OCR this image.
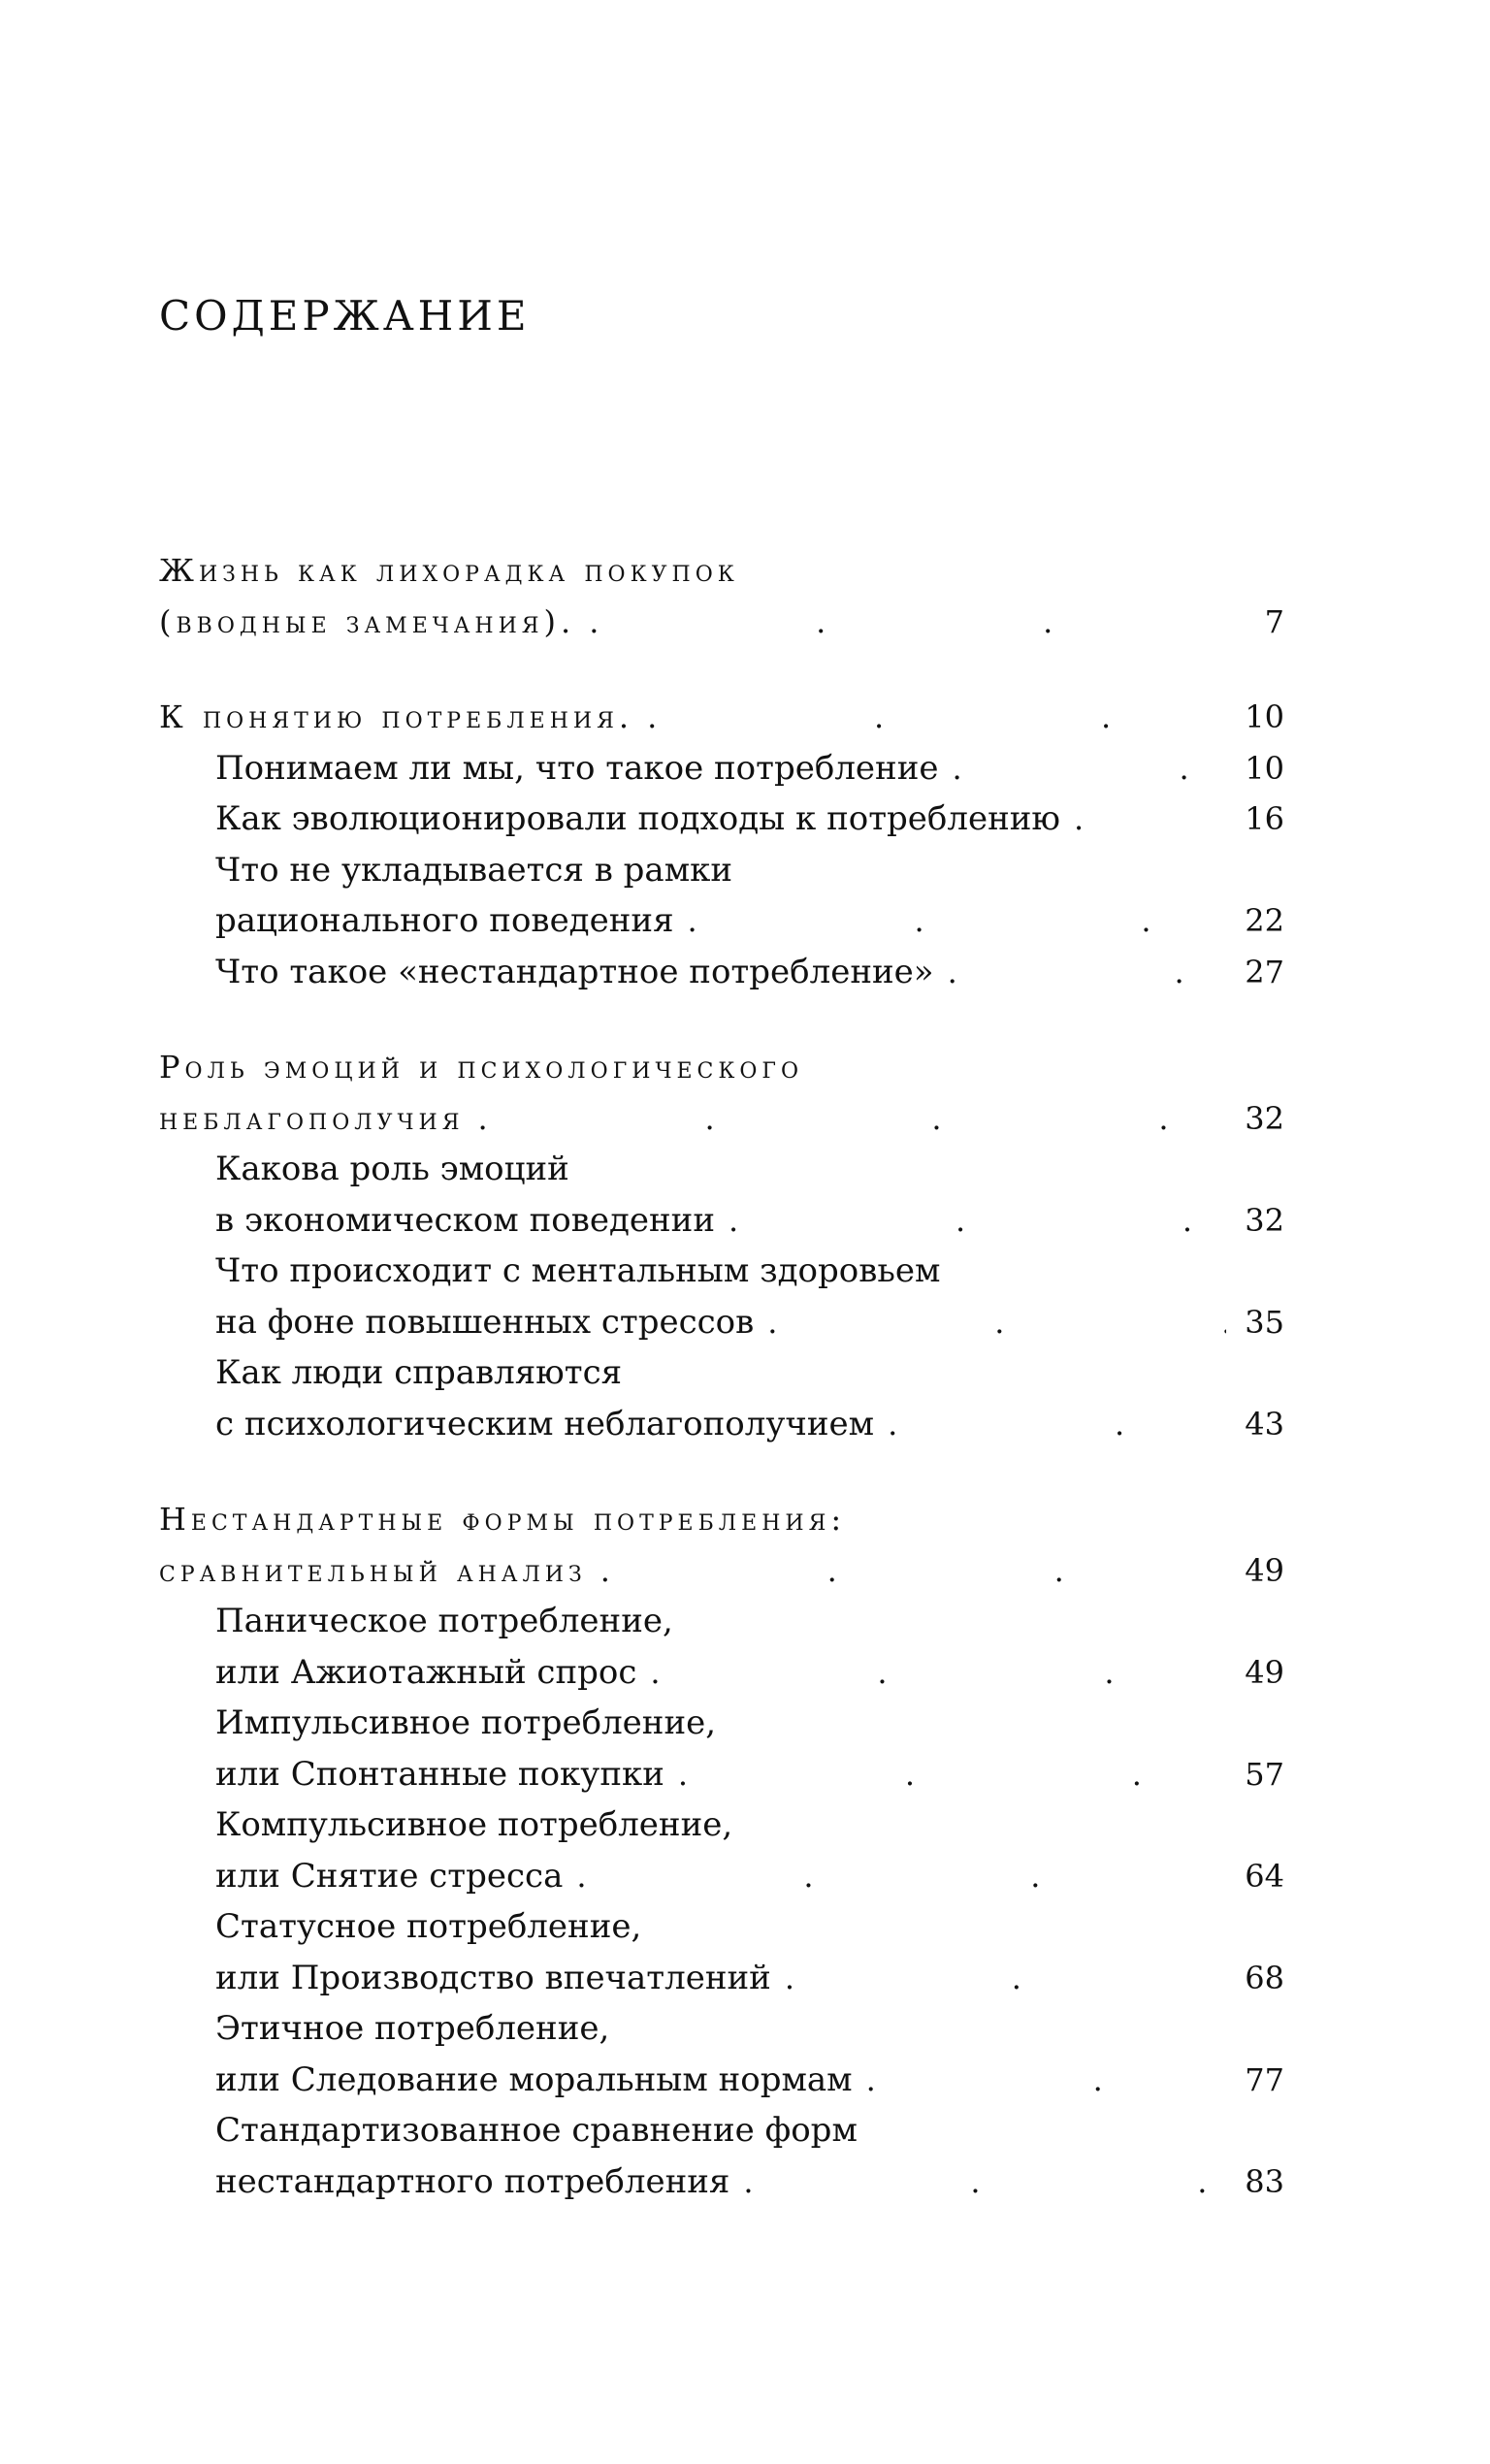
СОДЕРЖАНИЕ
Жизнь как лихорадка покупок
(вводные замечания). .	7
К понятию потребления. .	10
Понимаем ли мы, что такое потребление .	10
Как эволюционировали подходы к потреблению .	16
Что не укладывается в рамки
рационального поведения .	22
Что такое «нестандартное потребление» .	27
Роль эмоций и психологического
неблагополучия .	32
Какова роль эмоций
в экономическом поведении .	32
Что происходит с ментальным здоровьем
на фоне повышенных стрессов .	35
Как люди справляются
с психологическим неблагополучием .	43
Нестандартные формы потребления:
сравнительный анализ .	49
Паническое потребление,
или Ажиотажный спрос .	49
Импульсивное потребление,
или Спонтанные покупки .	57
Компульсивное потребление,
или Снятие стресса .	64
Статусное потребление,
или Производство впечатлений .	68
Этичное потребление,
или Следование моральным нормам .	77
Стандартизованное сравнение форм
нестандартного потребления .	83
